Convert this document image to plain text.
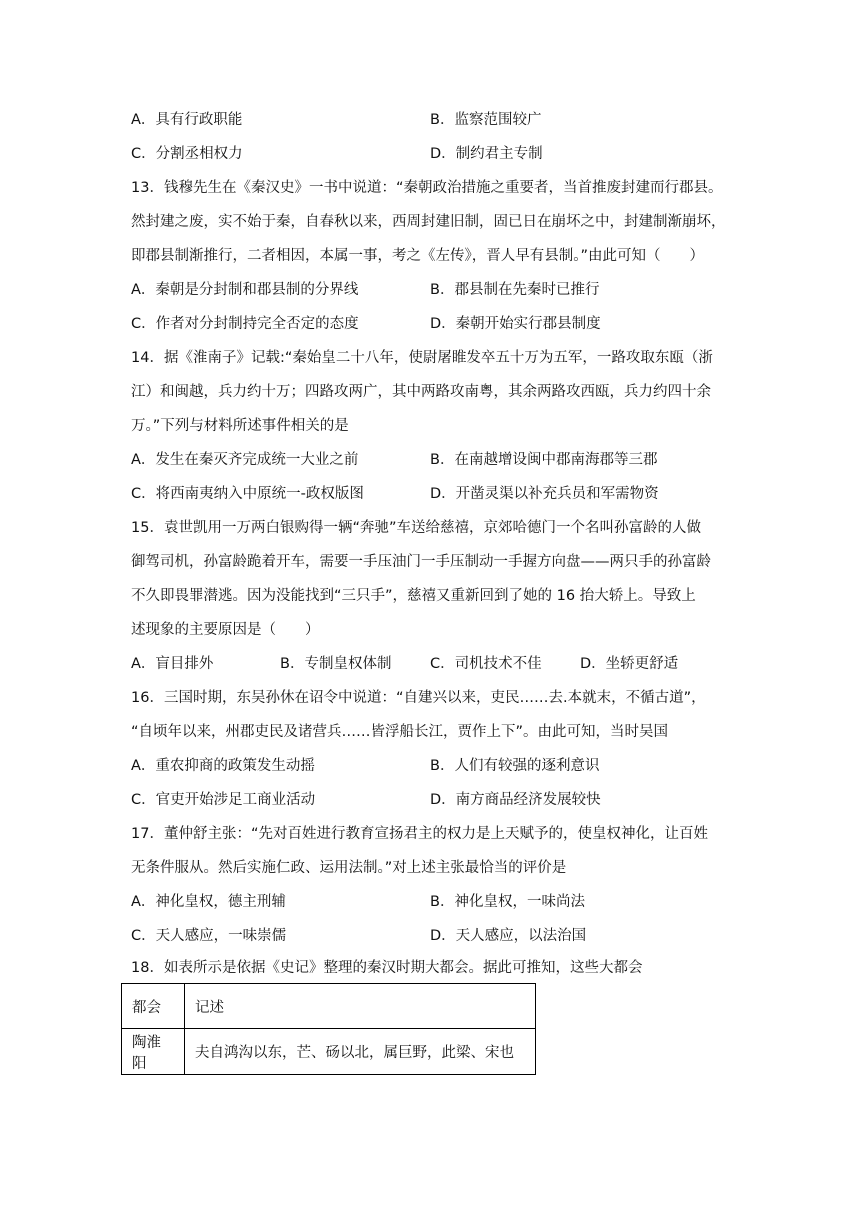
A．具有行政职能	B．监察范围较广
C．分割丞相权力	D．制约君主专制
13．钱穆先生在《秦汉史》一书中说道：“秦朝政治措施之重要者，当首推废封建而行郡县。
然封建之废，实不始于秦，自春秋以来，西周封建旧制，固已日在崩坏之中，封建制渐崩坏，
即郡县制渐推行，二者相因，本属一事，考之《左传》，晋人早有县制。”由此可知（　　）
A．秦朝是分封制和郡县制的分界线	B．郡县制在先秦时已推行
C．作者对分封制持完全否定的态度	D．秦朝开始实行郡县制度
14．据《淮南子》记载:“秦始皇二十八年，使尉屠睢发卒五十万为五军，一路攻取东瓯（浙
江）和闽越，兵力约十万；四路攻两广，其中两路攻南粤，其余两路攻西瓯，兵力约四十余
万。”下列与材料所述事件相关的是
A．发生在秦灭齐完成统一大业之前	B．在南越增设闽中郡南海郡等三郡
C．将西南夷纳入中原统一-政权版图	D．开凿灵渠以补充兵员和军需物资
15．袁世凯用一万两白银购得一辆“奔驰”车送给慈禧，京郊哈德门一个名叫孙富龄的人做
御驾司机，孙富龄跪着开车，需要一手压油门一手压制动一手握方向盘——两只手的孙富龄
不久即畏罪潜逃。因为没能找到“三只手”，慈禧又重新回到了她的 16 抬大轿上。导致上
述现象的主要原因是（　　）
A．盲目排外	B．专制皇权体制	C．司机技术不佳	D．坐轿更舒适
16．三国时期，东吴孙休在诏令中说道：“自建兴以来，吏民……去.本就末，不循古道”，
“自顷年以来，州郡吏民及诸营兵……皆浮船长江，贾作上下”。由此可知，当时吴国
A．重农抑商的政策发生动摇	B．人们有较强的逐利意识
C．官吏开始涉足工商业活动	D．南方商品经济发展较快
17．董仲舒主张：“先对百姓进行教育宣扬君主的权力是上天赋予的，使皇权神化，让百姓
无条件服从。然后实施仁政、运用法制。”对上述主张最恰当的评价是
A．神化皇权，德主刑辅	B．神化皇权，一味尚法
C．天人感应，一味崇儒	D．天人感应，以法治国
18．如表所示是依据《史记》整理的秦汉时期大都会。据此可推知，这些大都会
都会	记述
陶淮阳	夫自鸿沟以东，芒、砀以北，属巨野，此梁、宋也
